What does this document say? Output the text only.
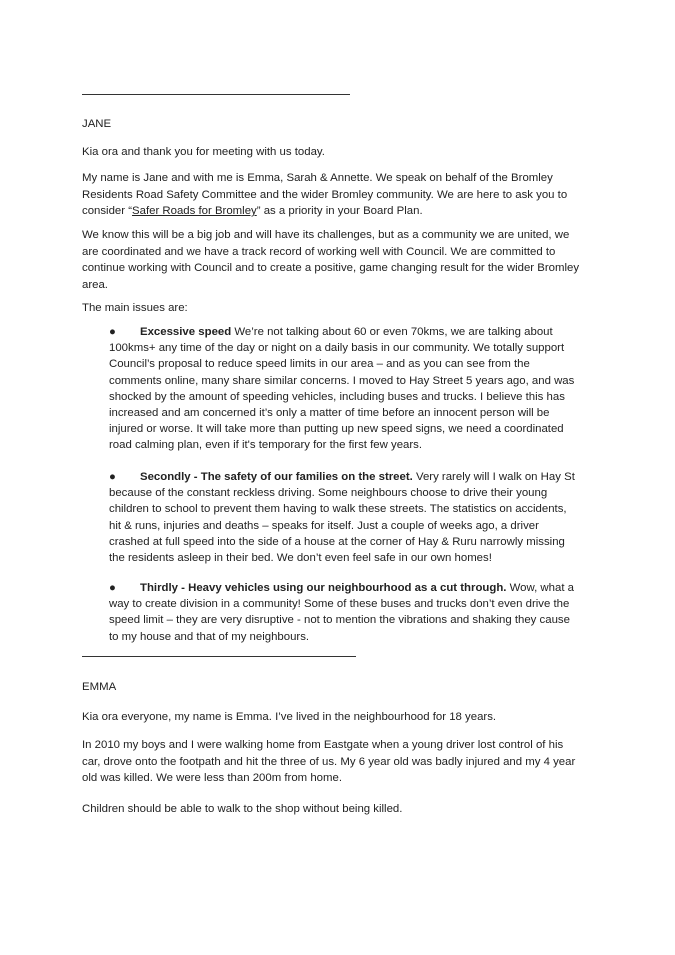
JANE

Kia ora and thank you for meeting with us today.

My name is Jane and with me is Emma, Sarah & Annette. We speak on behalf of the Bromley Residents Road Safety Committee and the wider Bromley community. We are here to ask you to consider “Safer Roads for Bromley” as a priority in your Board Plan.

We know this will be a big job and will have its challenges, but as a community we are united, we are coordinated and we have a track record of working well with Council. We are committed to continue working with Council and to create a positive, game changing result for the wider Bromley area.

The main issues are:

● Excessive speed We’re not talking about 60 or even 70kms, we are talking about 100kms+ any time of the day or night on a daily basis in our community. We totally support Council’s proposal to reduce speed limits in our area – and as you can see from the comments online, many share similar concerns. I moved to Hay Street 5 years ago, and was shocked by the amount of speeding vehicles, including buses and trucks. I believe this has increased and am concerned it’s only a matter of time before an innocent person will be injured or worse. It will take more than putting up new speed signs, we need a coordinated road calming plan, even if it's temporary for the first few years.

● Secondly - The safety of our families on the street. Very rarely will I walk on Hay St because of the constant reckless driving. Some neighbours choose to drive their young children to school to prevent them having to walk these streets. The statistics on accidents, hit & runs, injuries and deaths – speaks for itself. Just a couple of weeks ago, a driver crashed at full speed into the side of a house at the corner of Hay & Ruru narrowly missing the residents asleep in their bed. We don’t even feel safe in our own homes!

● Thirdly - Heavy vehicles using our neighbourhood as a cut through. Wow, what a way to create division in a community! Some of these buses and trucks don’t even drive the speed limit – they are very disruptive - not to mention the vibrations and shaking they cause to my house and that of my neighbours.

EMMA

Kia ora everyone, my name is Emma. I’ve lived in the neighbourhood for 18 years.

In 2010 my boys and I were walking home from Eastgate when a young driver lost control of his car, drove onto the footpath and hit the three of us. My 6 year old was badly injured and my 4 year old was killed. We were less than 200m from home.

Children should be able to walk to the shop without being killed.
